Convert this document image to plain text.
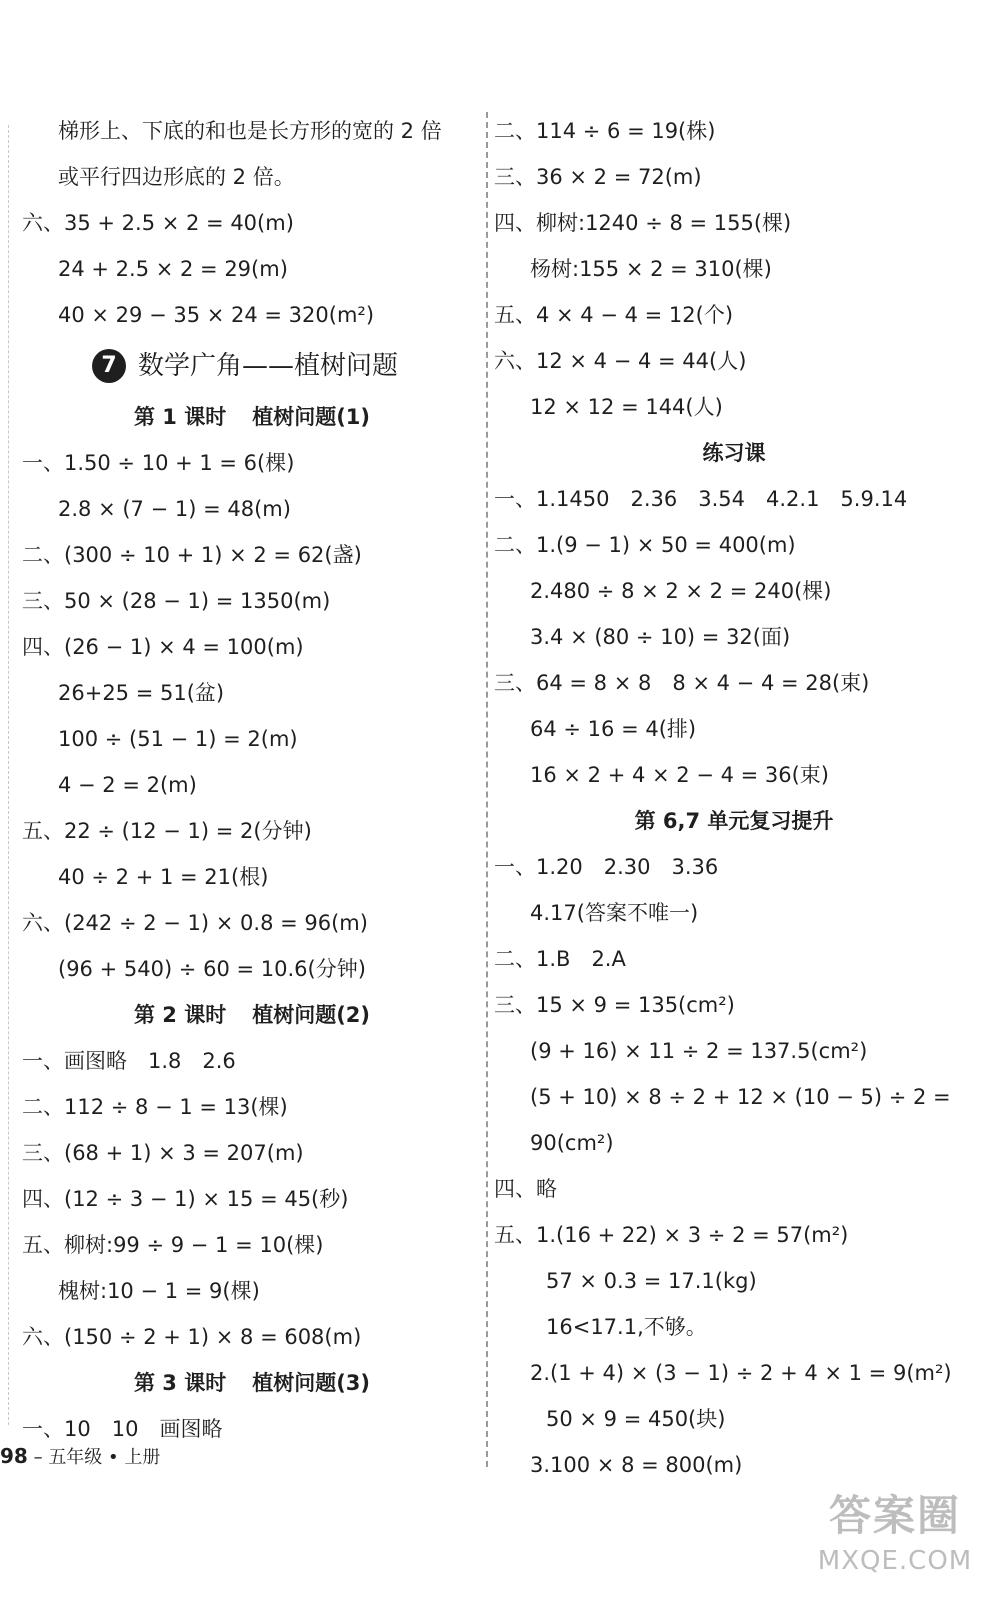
梯形上、下底的和也是长方形的宽的 2 倍
或平行四边形底的 2 倍。
六、35 + 2.5 × 2 = 40(m)
24 + 2.5 × 2 = 29(m)
40 × 29 − 35 × 24 = 320(m²)
7 数学广角——植树问题
第 1 课时 植树问题(1)
一、1.50 ÷ 10 + 1 = 6(棵)
2.8 × (7 − 1) = 48(m)
二、(300 ÷ 10 + 1) × 2 = 62(盏)
三、50 × (28 − 1) = 1350(m)
四、(26 − 1) × 4 = 100(m)
26+25 = 51(盆)
100 ÷ (51 − 1) = 2(m)
4 − 2 = 2(m)
五、22 ÷ (12 − 1) = 2(分钟)
40 ÷ 2 + 1 = 21(根)
六、(242 ÷ 2 − 1) × 0.8 = 96(m)
(96 + 540) ÷ 60 = 10.6(分钟)
第 2 课时 植树问题(2)
一、画图略　1.8　2.6
二、112 ÷ 8 − 1 = 13(棵)
三、(68 + 1) × 3 = 207(m)
四、(12 ÷ 3 − 1) × 15 = 45(秒)
五、柳树:99 ÷ 9 − 1 = 10(棵)
槐树:10 − 1 = 9(棵)
六、(150 ÷ 2 + 1) × 8 = 608(m)
第 3 课时 植树问题(3)
一、10　10　画图略
二、114 ÷ 6 = 19(株)
三、36 × 2 = 72(m)
四、柳树:1240 ÷ 8 = 155(棵)
杨树:155 × 2 = 310(棵)
五、4 × 4 − 4 = 12(个)
六、12 × 4 − 4 = 44(人)
12 × 12 = 144(人)
练习课
一、1.1450　2.36　3.54　4.2.1　5.9.14
二、1.(9 − 1) × 50 = 400(m)
2.480 ÷ 8 × 2 × 2 = 240(棵)
3.4 × (80 ÷ 10) = 32(面)
三、64 = 8 × 8　8 × 4 − 4 = 28(束)
64 ÷ 16 = 4(排)
16 × 2 + 4 × 2 − 4 = 36(束)
第 6,7 单元复习提升
一、1.20　2.30　3.36
4.17(答案不唯一)
二、1.B　2.A
三、15 × 9 = 135(cm²)
(9 + 16) × 11 ÷ 2 = 137.5(cm²)
(5 + 10) × 8 ÷ 2 + 12 × (10 − 5) ÷ 2 =
90(cm²)
四、略
五、1.(16 + 22) × 3 ÷ 2 = 57(m²)
57 × 0.3 = 17.1(kg)
16<17.1,不够。
2.(1 + 4) × (3 − 1) ÷ 2 + 4 × 1 = 9(m²)
50 × 9 = 450(块)
3.100 × 8 = 800(m)
98 – 五年级 • 上册
答案圈
MXQE.COM
